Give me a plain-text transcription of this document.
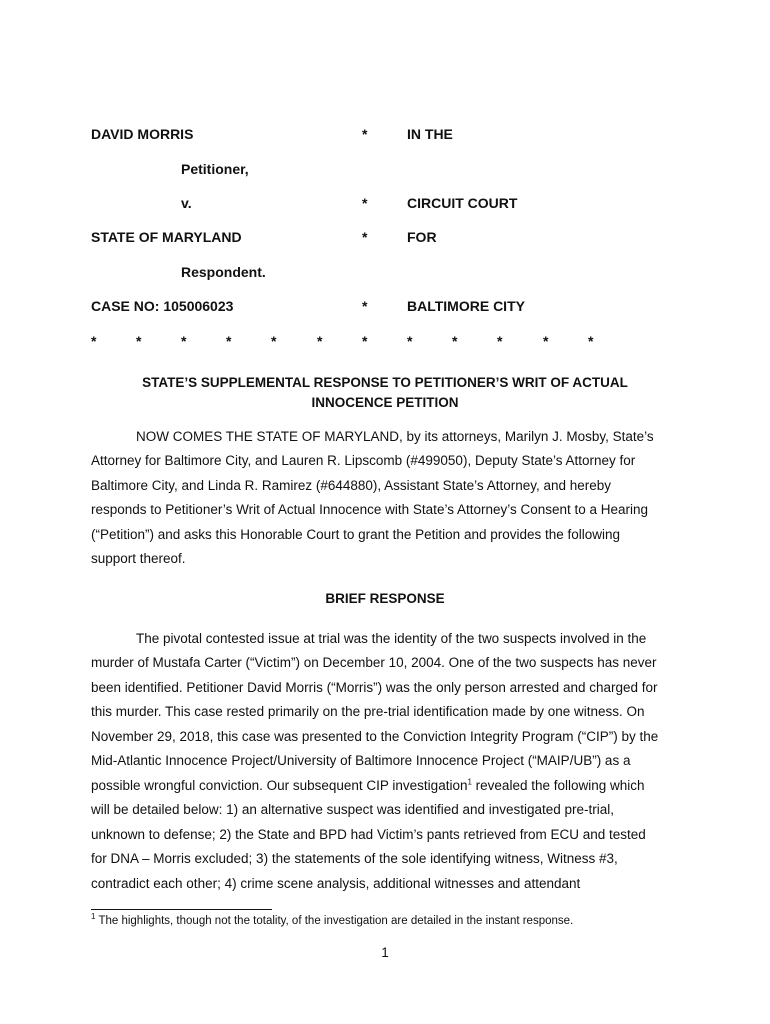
DAVID MORRIS	*	IN THE
Petitioner,
v.	*	CIRCUIT COURT
STATE OF MARYLAND	*	FOR
Respondent.
CASE NO: 105006023	*	BALTIMORE CITY
*	*	*	*	*	*	*	*	*	*	*	*
STATE’S SUPPLEMENTAL RESPONSE TO PETITIONER’S WRIT OF ACTUAL
INNOCENCE PETITION
NOW COMES THE STATE OF MARYLAND, by its attorneys, Marilyn J. Mosby, State’s
Attorney for Baltimore City, and Lauren R. Lipscomb (#499050), Deputy State’s Attorney for
Baltimore City, and Linda R. Ramirez (#644880), Assistant State’s Attorney, and hereby
responds to Petitioner’s Writ of Actual Innocence with State’s Attorney’s Consent to a Hearing
(“Petition”) and asks this Honorable Court to grant the Petition and provides the following
support thereof.
BRIEF RESPONSE
The pivotal contested issue at trial was the identity of the two suspects involved in the
murder of Mustafa Carter (“Victim”) on December 10, 2004. One of the two suspects has never
been identified. Petitioner David Morris (“Morris”) was the only person arrested and charged for
this murder. This case rested primarily on the pre-trial identification made by one witness. On
November 29, 2018, this case was presented to the Conviction Integrity Program (“CIP”) by the
Mid-Atlantic Innocence Project/University of Baltimore Innocence Project (“MAIP/UB”) as a
possible wrongful conviction. Our subsequent CIP investigation$^1$ revealed the following which
will be detailed below: 1) an alternative suspect was identified and investigated pre-trial,
unknown to defense; 2) the State and BPD had Victim’s pants retrieved from ECU and tested
for DNA – Morris excluded; 3) the statements of the sole identifying witness, Witness #3,
contradict each other; 4) crime scene analysis, additional witnesses and attendant
$^1$ The highlights, though not the totality, of the investigation are detailed in the instant response.
1
